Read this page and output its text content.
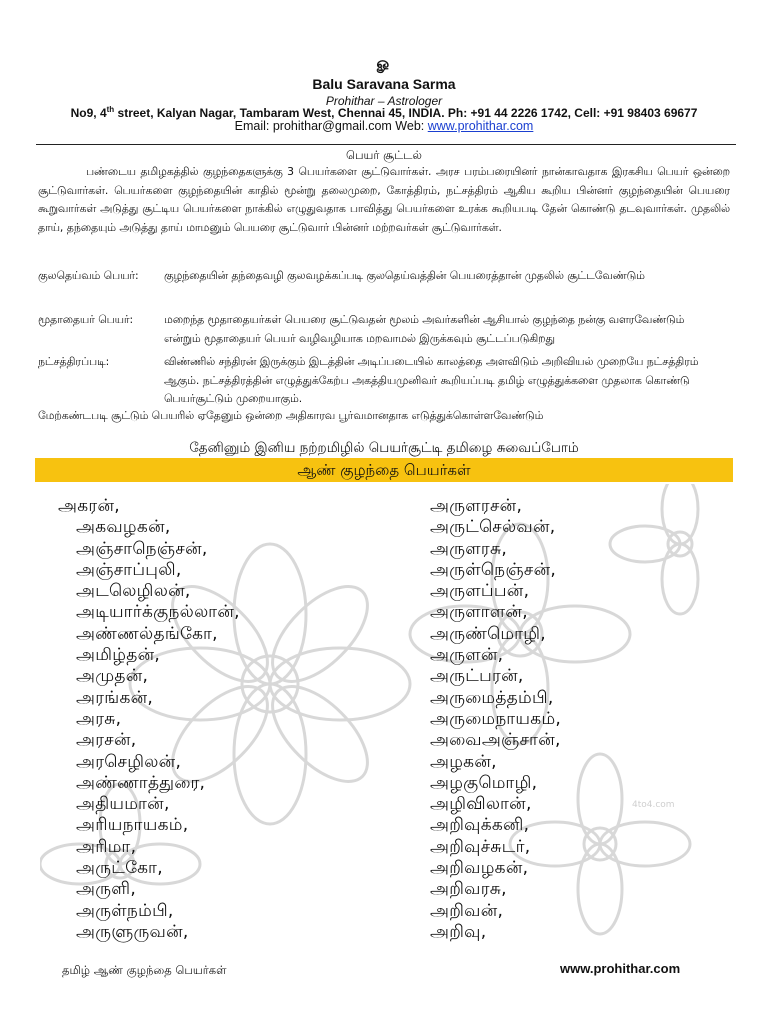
ௐ
Balu Saravana Sarma
Prohithar – Astrologer
No9, 4th street, Kalyan Nagar, Tambaram West, Chennai 45, INDIA. Ph: +91 44 2226 1742, Cell: +91 98403 69677
Email: prohithar@gmail.com Web: www.prohithar.com
பெயர் சூட்டல்
பண்டைய தமிழகத்தில் குழந்தைகளுக்கு 3 பெயர்களை சூட்டுவார்கள். அரச பரம்பரையினர் நான்காவதாக இரகசிய பெயர் ஒன்றை சூட்டுவார்கள். பெயர்களை குழந்தையின் காதில் மூன்று தலைமுறை, கோத்திரம், நட்சத்திரம் ஆகிய கூறிய பின்னர் குழந்தையின் பெயரை கூறுவார்கள் அடுத்து சூட்டிய பெயர்களை நாக்கில் எழுதுவதாக பாவித்து பெயர்களை உரக்க கூறியபடி தேன் கொண்டு தடவுவார்கள். முதலில் தாய், தந்தையும் அடுத்து தாய் மாமனும் பெயரை சூட்டுவார் பின்னர் மற்றவர்கள் சூட்டுவார்கள்.
குலதெய்வம் பெயர்: குழந்தையின் தந்தைவழி குலவழக்கப்படி குலதெய்வத்தின் பெயரைத்தான் முதலில் சூட்டவேண்டும்
மூதாதையர் பெயர்:	மறைந்த மூதாதையர்கள் பெயரை சூட்டுவதன் மூலம் அவர்களின் ஆசியால் குழந்தை நன்கு வளரவேண்டும் என்றும் மூதாதையர் பெயர் வழிவழியாக மறவாமல் இருக்கவும் சூட்டப்படுகிறது
நட்சத்திரப்படி:	விண்ணில் சந்திரன் இருக்கும் இடத்தின் அடிப்படையில் காலத்தை அளவிடும் அறிவியல் முறையே நட்சத்திரம் ஆகும். நட்சத்திரத்தின் எழுத்துக்கேற்ப அகத்தியமுனிவர் கூறியப்படி தமிழ் எழுத்துக்களை முதலாக கொண்டு பெயர்சூட்டும் முறையாகும்.
மேற்கண்டபடி சூட்டும் பெயரில் ஏதேனும் ஒன்றை அதிகாரவ பூர்வமானதாக எடுத்துக்கொள்ளவேண்டும்
தேனினும் இனிய நற்றமிழில் பெயர்சூட்டி தமிழை சுவைப்போம்
ஆண் குழந்தை பெயர்கள்
4to4.com
அகரன்,
அகவழகன்,
அஞ்சாநெஞ்சன்,
அஞ்சாப்புலி,
அடலெழிலன்,
அடியார்க்குநல்லான்,
அண்ணல்தங்கோ,
அமிழ்தன்,
அமுதன்,
அரங்கன்,
அரசு,
அரசன்,
அரசெழிலன்,
அண்ணாத்துரை,
அதியமான்,
அரியநாயகம்,
அரிமா,
அருட்கோ,
அருளி,
அருள்நம்பி,
அருளுருவன்,
அருளரசன்,
அருட்செல்வன்,
அருளரசு,
அருள்நெஞ்சன்,
அருளப்பன்,
அருளாளன்,
அருண்மொழி,
அருளன்,
அருட்பரன்,
அருமைத்தம்பி,
அருமைநாயகம்,
அவைஅஞ்சான்,
அழகன்,
அழகுமொழி,
அழிவிலான்,
அறிவுக்கனி,
அறிவுச்சுடர்,
அறிவழகன்,
அறிவரசு,
அறிவன்,
அறிவு,
தமிழ் ஆண் குழந்தை பெயர்கள்	www.prohithar.com
